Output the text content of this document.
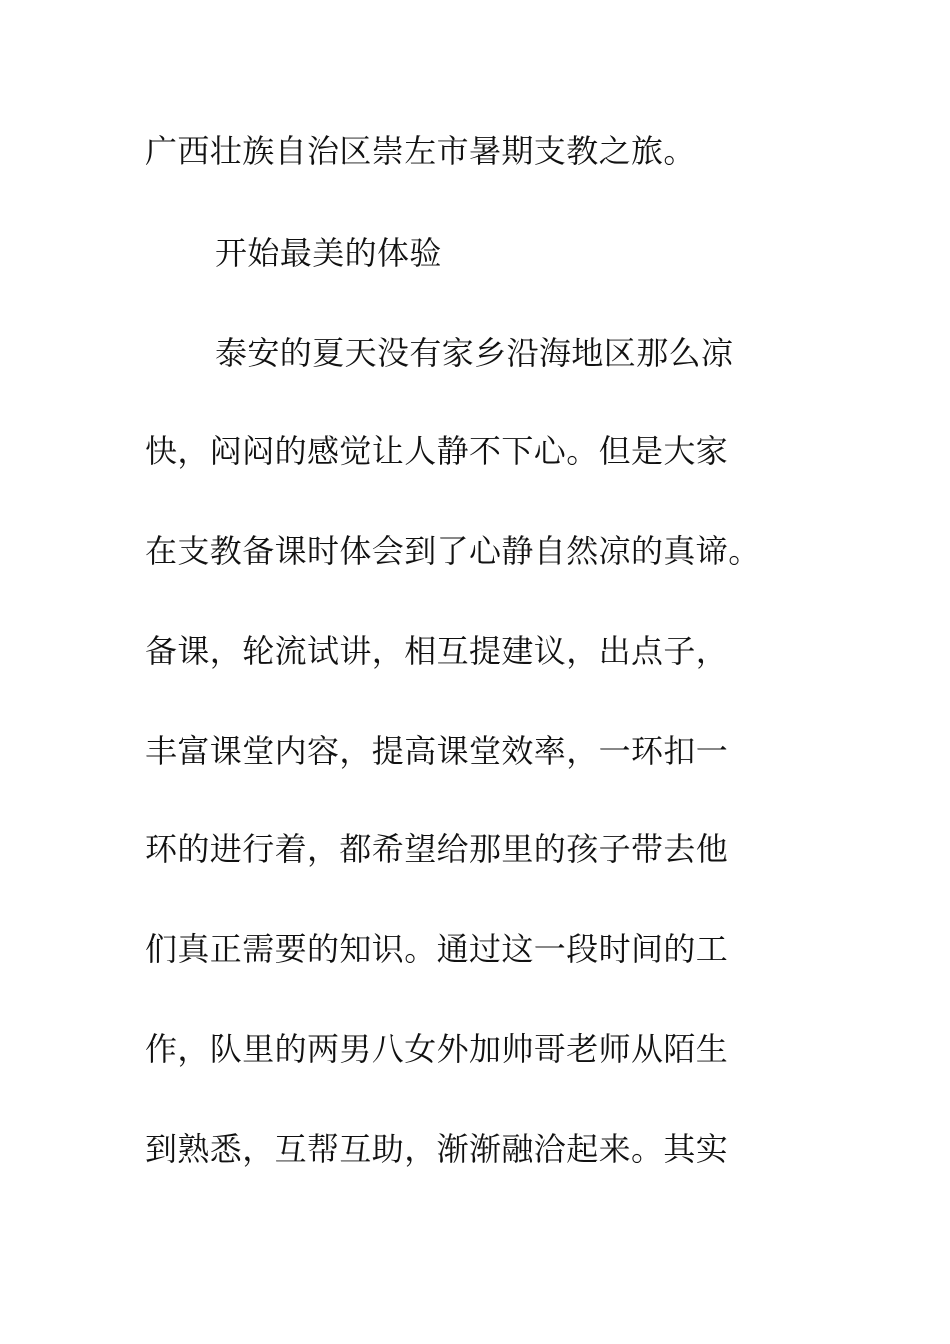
广西壮族自治区崇左市暑期支教之旅。
开始最美的体验
泰安的夏天没有家乡沿海地区那么凉
快，闷闷的感觉让人静不下心。但是大家
在支教备课时体会到了心静自然凉的真谛。
备课，轮流试讲，相互提建议，出点子，
丰富课堂内容，提高课堂效率，一环扣一
环的进行着，都希望给那里的孩子带去他
们真正需要的知识。通过这一段时间的工
作，队里的两男八女外加帅哥老师从陌生
到熟悉，互帮互助，渐渐融洽起来。其实
